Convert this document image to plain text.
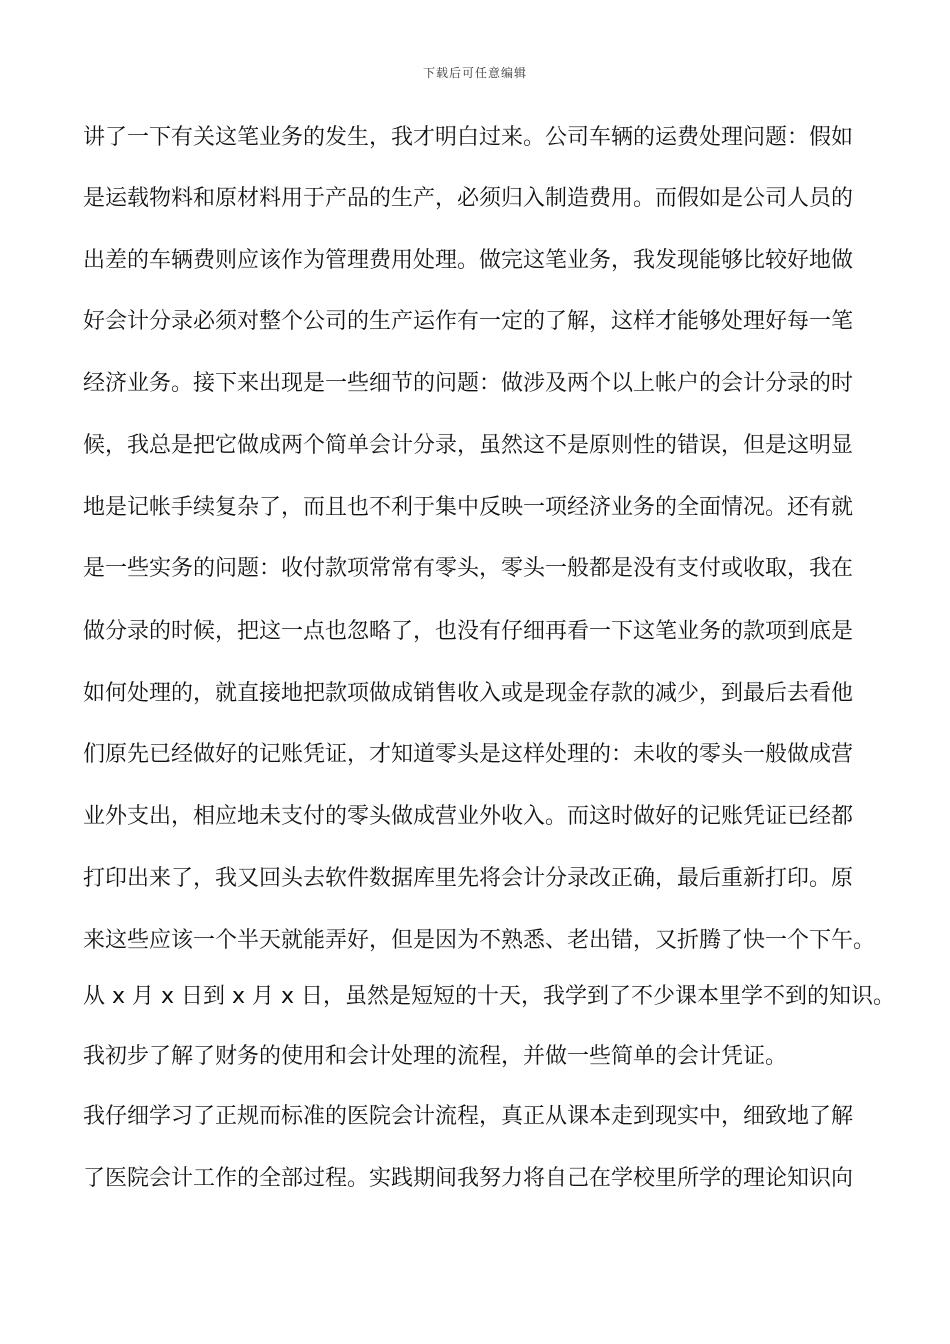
下载后可任意编辑
讲了一下有关这笔业务的发生，我才明白过来。公司车辆的运费处理问题：假如
是运载物料和原材料用于产品的生产，必须归入制造费用。而假如是公司人员的
出差的车辆费则应该作为管理费用处理。做完这笔业务，我发现能够比较好地做
好会计分录必须对整个公司的生产运作有一定的了解，这样才能够处理好每一笔
经济业务。接下来出现是一些细节的问题：做涉及两个以上帐户的会计分录的时
候，我总是把它做成两个简单会计分录，虽然这不是原则性的错误，但是这明显
地是记帐手续复杂了，而且也不利于集中反映一项经济业务的全面情况。还有就
是一些实务的问题：收付款项常常有零头，零头一般都是没有支付或收取，我在
做分录的时候，把这一点也忽略了，也没有仔细再看一下这笔业务的款项到底是
如何处理的，就直接地把款项做成销售收入或是现金存款的减少，到最后去看他
们原先已经做好的记账凭证，才知道零头是这样处理的：未收的零头一般做成营
业外支出，相应地未支付的零头做成营业外收入。而这时做好的记账凭证已经都
打印出来了，我又回头去软件数据库里先将会计分录改正确，最后重新打印。原
来这些应该一个半天就能弄好，但是因为不熟悉、老出错，又折腾了快一个下午。
从 x 月 x 日到 x 月 x 日，虽然是短短的十天，我学到了不少课本里学不到的知识。
我初步了解了财务的使用和会计处理的流程，并做一些简单的会计凭证。
我仔细学习了正规而标准的医院会计流程，真正从课本走到现实中，细致地了解
了医院会计工作的全部过程。实践期间我努力将自己在学校里所学的理论知识向
